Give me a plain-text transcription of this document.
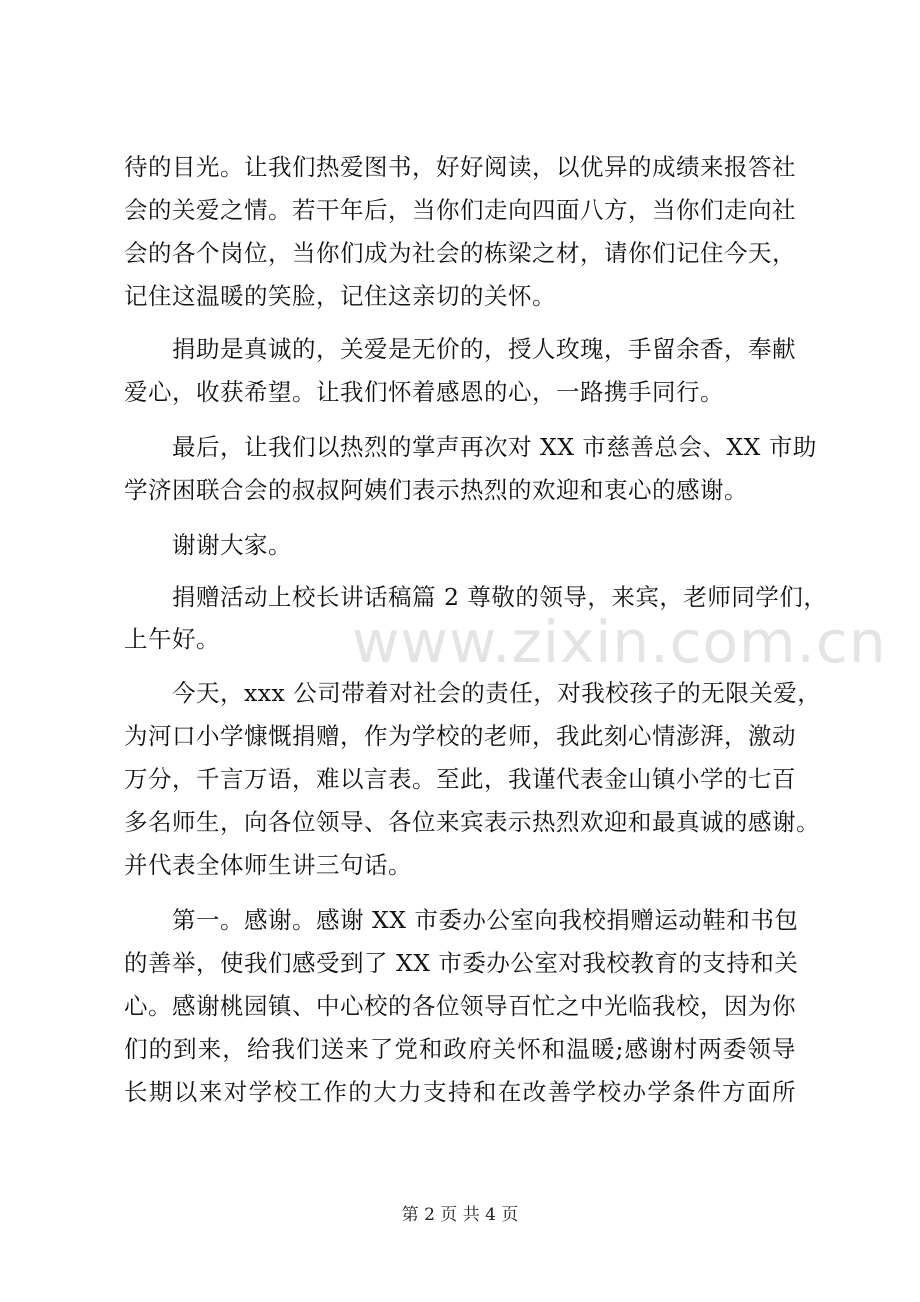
待的目光。让我们热爱图书，好好阅读，以优异的成绩来报答社
会的关爱之情。若干年后，当你们走向四面八方，当你们走向社
会的各个岗位，当你们成为社会的栋梁之材，请你们记住今天，
记住这温暖的笑脸，记住这亲切的关怀。
捐助是真诚的，关爱是无价的，授人玫瑰，手留余香，奉献
爱心，收获希望。让我们怀着感恩的心，一路携手同行。
最后，让我们以热烈的掌声再次对 XX 市慈善总会、XX 市助
学济困联合会的叔叔阿姨们表示热烈的欢迎和衷心的感谢。
谢谢大家。
捐赠活动上校长讲话稿篇 2 尊敬的领导，来宾，老师同学们，
上午好。
今天，xxx 公司带着对社会的责任，对我校孩子的无限关爱，
为河口小学慷慨捐赠，作为学校的老师，我此刻心情澎湃，激动
万分，千言万语，难以言表。至此，我谨代表金山镇小学的七百
多名师生，向各位领导、各位来宾表示热烈欢迎和最真诚的感谢。
并代表全体师生讲三句话。
第一。感谢。感谢 XX 市委办公室向我校捐赠运动鞋和书包
的善举，使我们感受到了 XX 市委办公室对我校教育的支持和关
心。感谢桃园镇、中心校的各位领导百忙之中光临我校，因为你
们的到来，给我们送来了党和政府关怀和温暖;感谢村两委领导
长期以来对学校工作的大力支持和在改善学校办学条件方面所
www.zixin.com.cn
第 2 页 共 4 页
